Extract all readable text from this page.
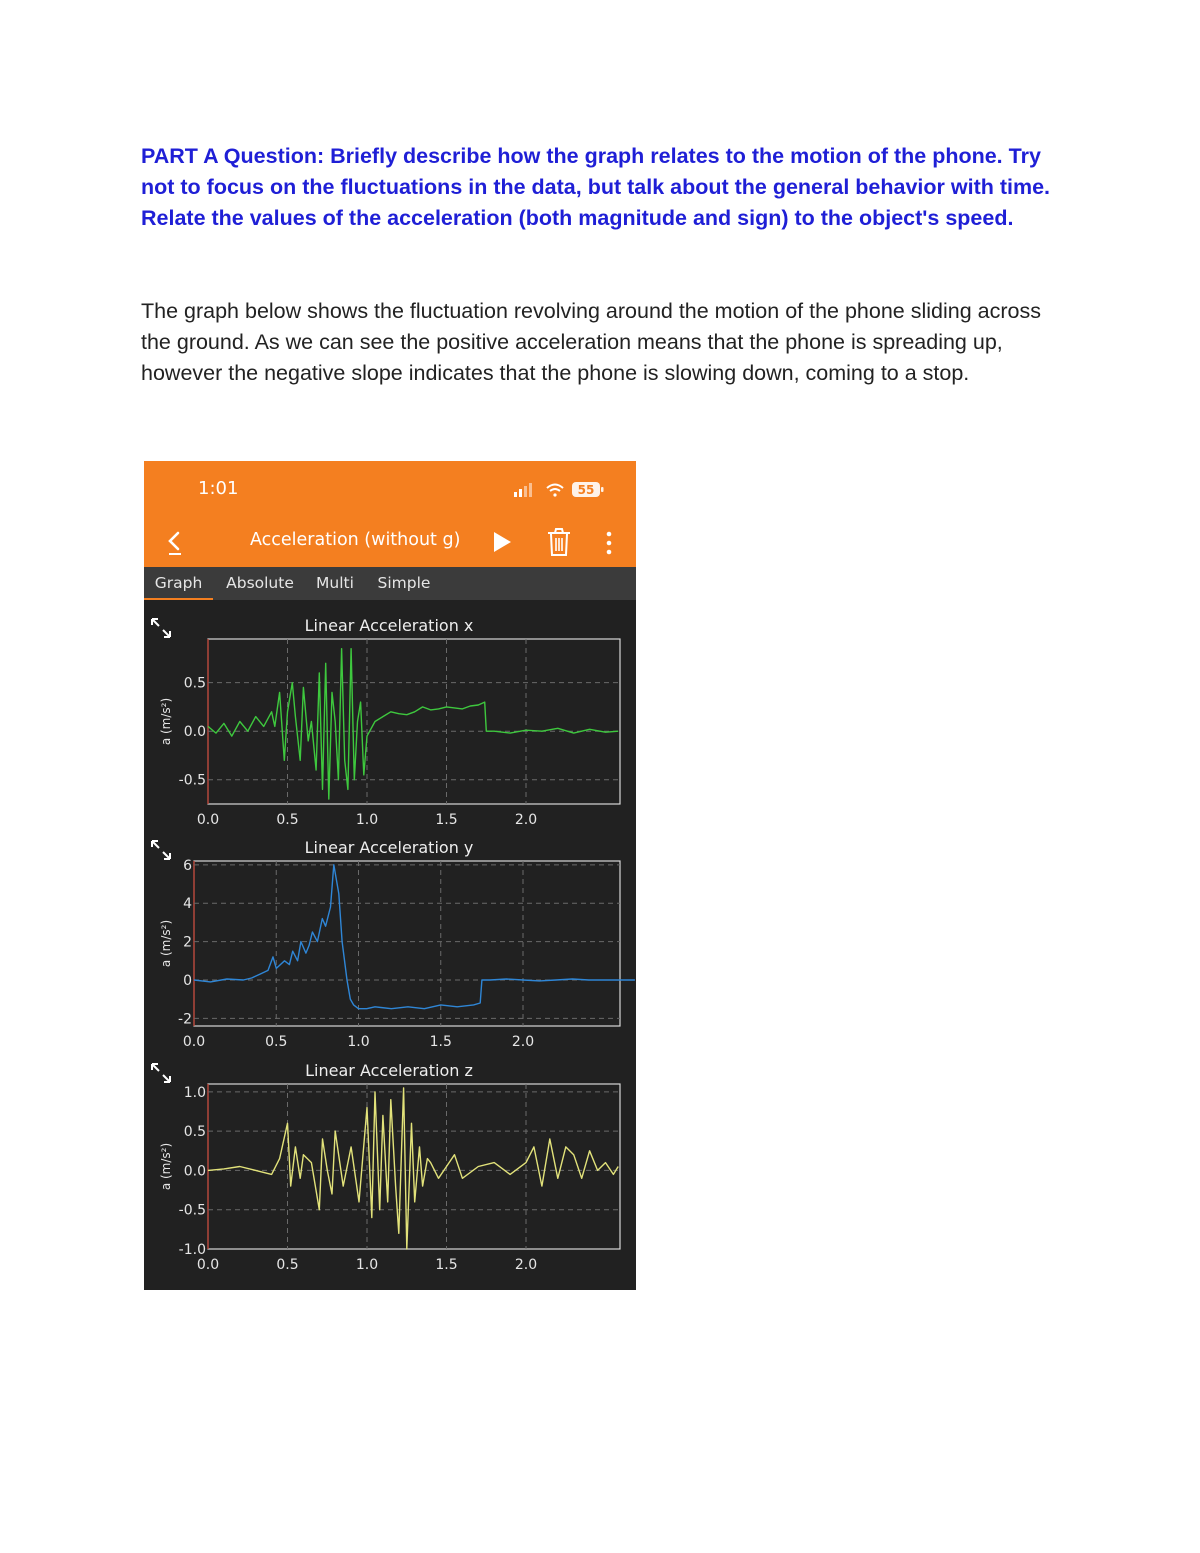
PART A Question: Briefly describe how the graph relates to the motion of the phone. Try not to focus on the fluctuations in the data, but talk about the general behavior with time. Relate the values of the acceleration (both magnitude and sign) to the object's speed.

The graph below shows the fluctuation revolving around the motion of the phone sliding across the ground. As we can see the positive acceleration means that the phone is spreading up, however the negative slope indicates that the phone is slowing down, coming to a stop.

1:01	55
Acceleration (without g)
Graph	Absolute	Multi	Simple
0.5
0.0
-0.5
0.0	0.5	1.0	1.5	2.0
Linear Acceleration x
a (m/s²)
6
4
2
0
-2
0.0	0.5	1.0	1.5	2.0
Linear Acceleration y
a (m/s²)
1.0
0.5
0.0
-0.5
-1.0
0.0	0.5	1.0	1.5	2.0
Linear Acceleration z
a (m/s²)
